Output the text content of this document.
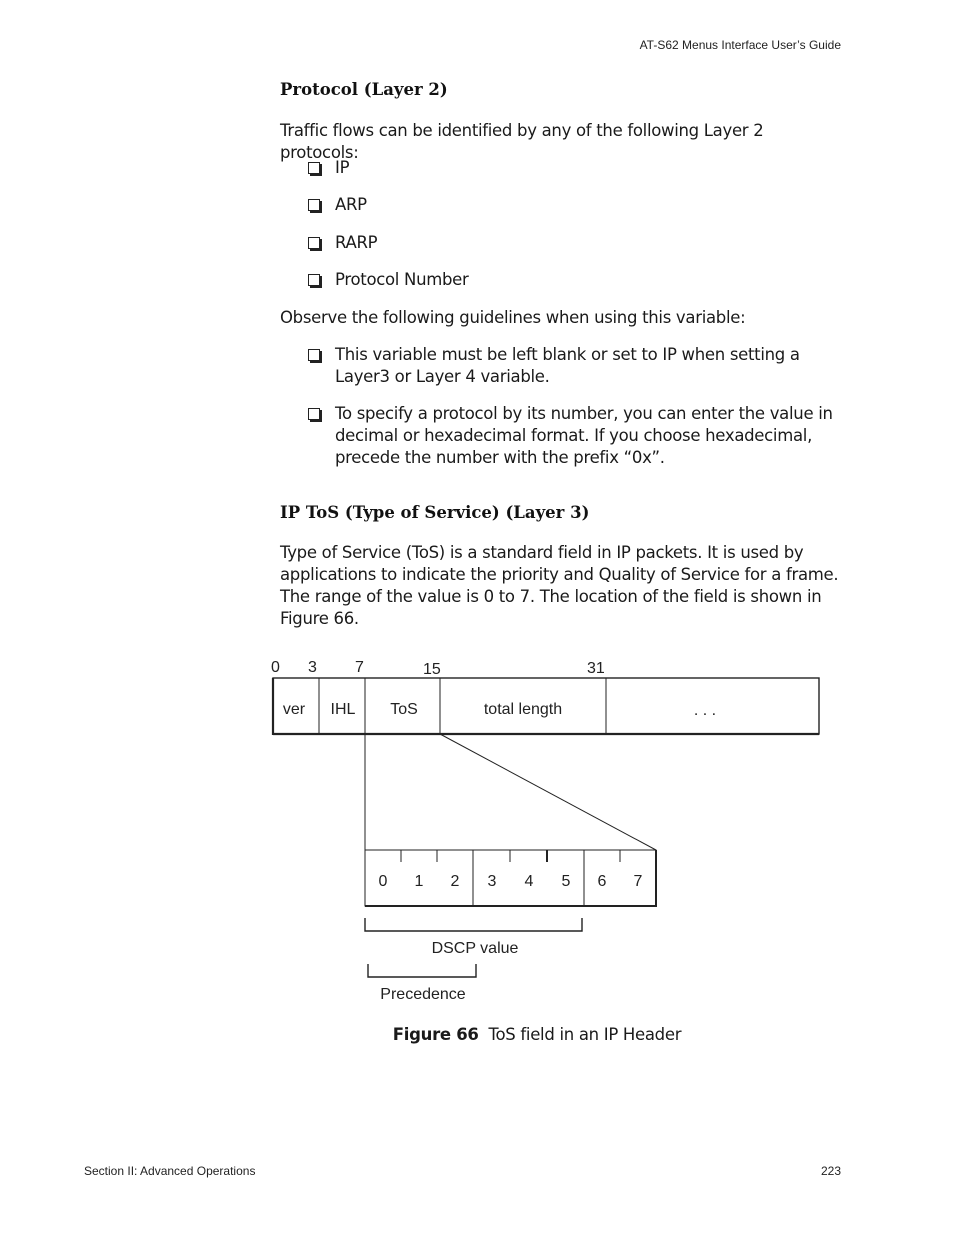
AT-S62 Menus Interface User’s Guide
Protocol (Layer 2)

Traffic flows can be identified by any of the following Layer 2 protocols:

IP
ARP
RARP
Protocol Number

Observe the following guidelines when using this variable:

This variable must be left blank or set to IP when setting a Layer3 or Layer 4 variable.
To specify a protocol by its number, you can enter the value in decimal or hexadecimal format. If you choose hexadecimal, precede the number with the prefix “0x”.
IP ToS (Type of Service) (Layer 3)

Type of Service (ToS) is a standard field in IP packets. It is used by applications to indicate the priority and Quality of Service for a frame. The range of the value is 0 to 7. The location of the field is shown in Figure 66.

0 3 7	15	31
ver IHL ToS	total length	. . .
0 1 2 3 4 5 6 7
DSCP value
Precedence
Figure 66 ToS field in an IP Header
Section II: Advanced Operations	223
